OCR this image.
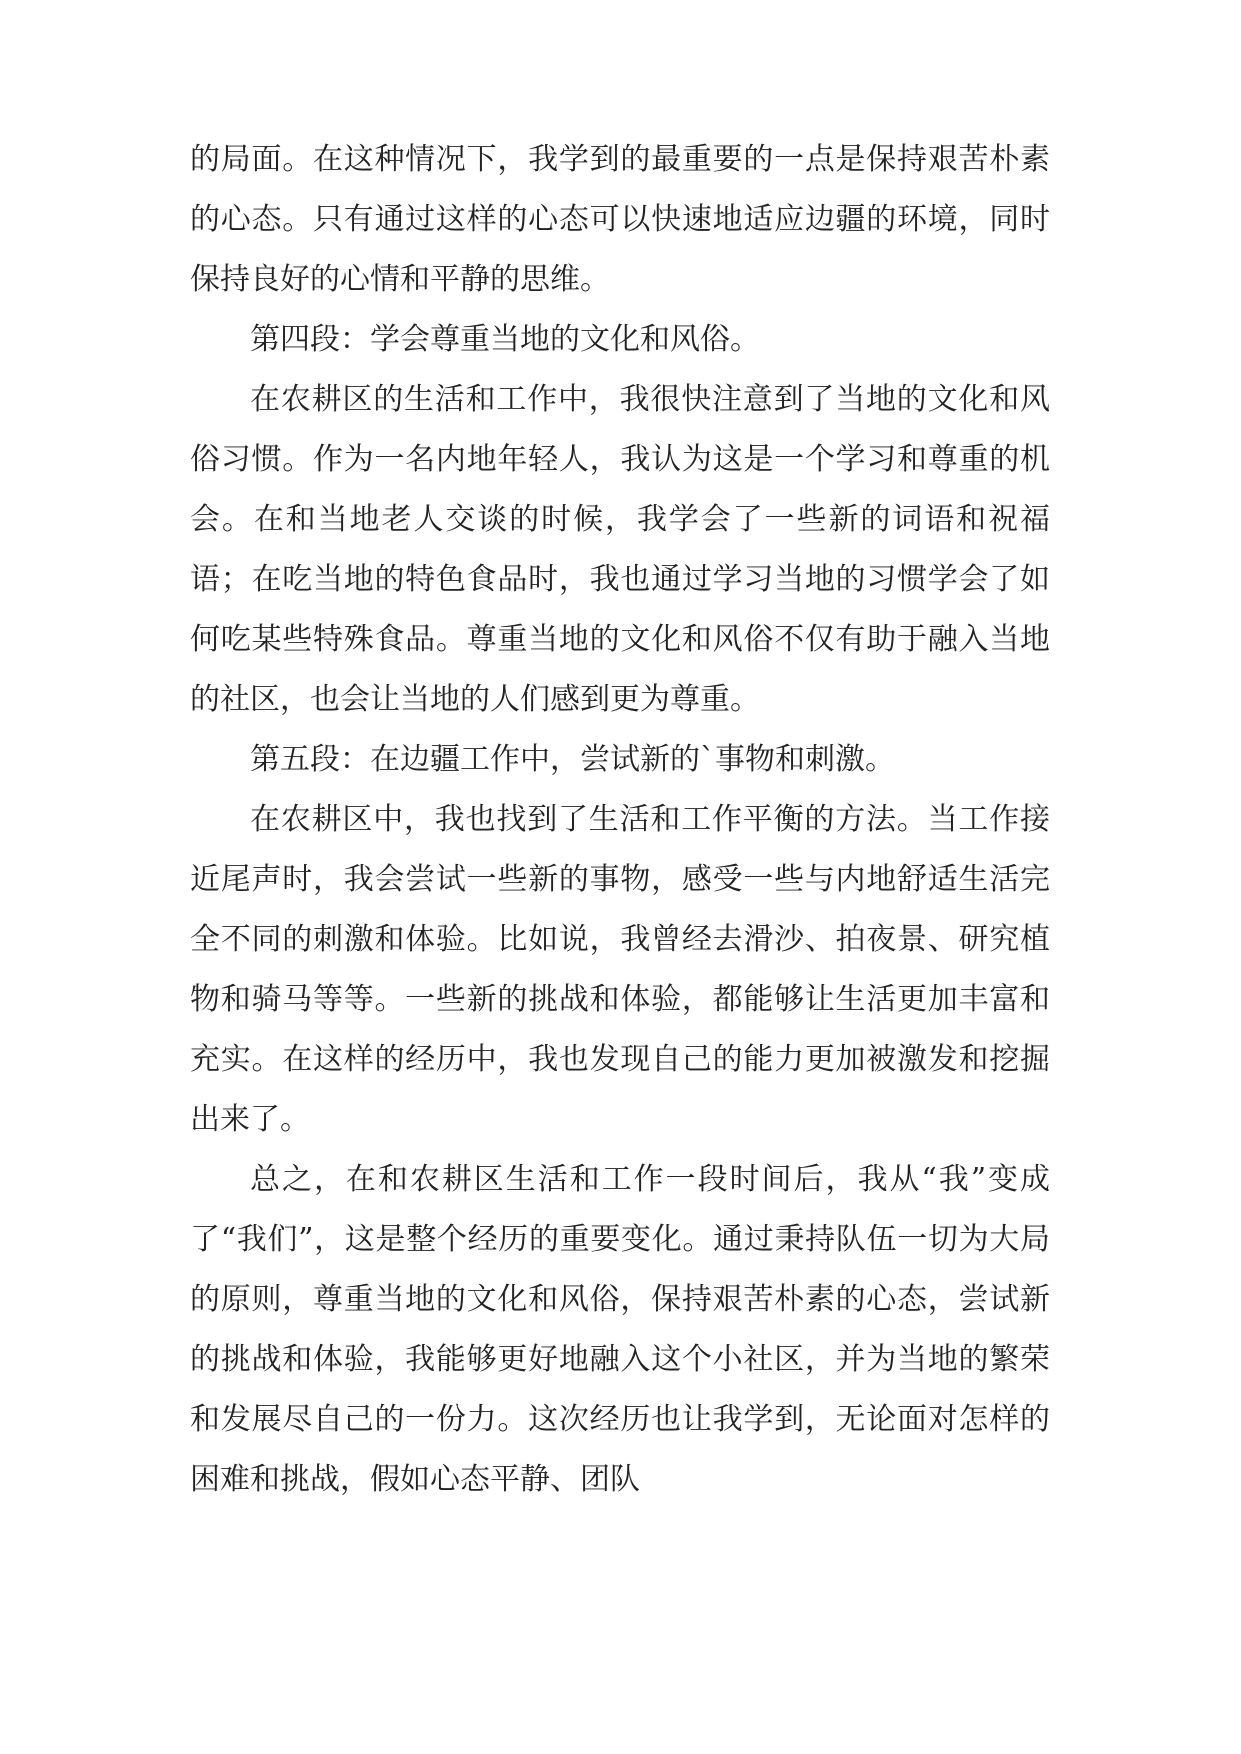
的局面。在这种情况下，我学到的最重要的一点是保持艰苦朴素的心态。只有通过这样的心态可以快速地适应边疆的环境，同时保持良好的心情和平静的思维。

第四段：学会尊重当地的文化和风俗。

在农耕区的生活和工作中，我很快注意到了当地的文化和风俗习惯。作为一名内地年轻人，我认为这是一个学习和尊重的机会。在和当地老人交谈的时候，我学会了一些新的词语和祝福语；在吃当地的特色食品时，我也通过学习当地的习惯学会了如何吃某些特殊食品。尊重当地的文化和风俗不仅有助于融入当地的社区，也会让当地的人们感到更为尊重。

第五段：在边疆工作中，尝试新的`事物和刺激。

在农耕区中，我也找到了生活和工作平衡的方法。当工作接近尾声时，我会尝试一些新的事物，感受一些与内地舒适生活完全不同的刺激和体验。比如说，我曾经去滑沙、拍夜景、研究植物和骑马等等。一些新的挑战和体验，都能够让生活更加丰富和充实。在这样的经历中，我也发现自己的能力更加被激发和挖掘出来了。

总之，在和农耕区生活和工作一段时间后，我从“我”变成了“我们”，这是整个经历的重要变化。通过秉持队伍一切为大局的原则，尊重当地的文化和风俗，保持艰苦朴素的心态，尝试新的挑战和体验，我能够更好地融入这个小社区，并为当地的繁荣和发展尽自己的一份力。这次经历也让我学到，无论面对怎样的困难和挑战，假如心态平静、团队
